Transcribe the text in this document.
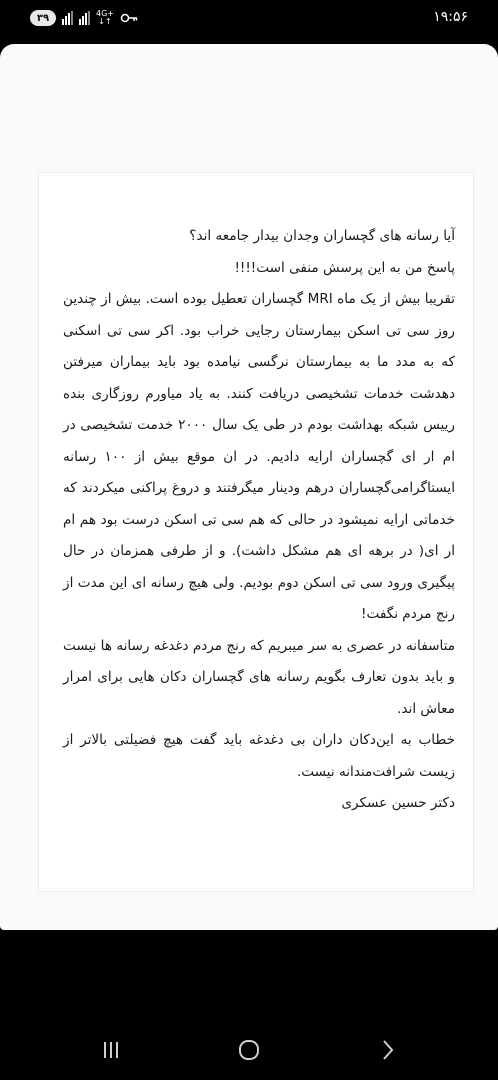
۳۹	4G+
↓↑	۱۹:۵۶

آیا رسانه های گچساران وجدان بیدار جامعه اند؟
پاسخ من به این پرسش منفی است!!!!
تقریبا بیش از یک ماه MRI گچساران تعطیل بوده است. بیش از چندین روز سی تی اسکن بیمارستان رجایی خراب بود. اکر سی تی اسکنی که به مدد ما به بیمارستان نرگسی نیامده بود باید بیماران میرفتن دهدشت خدمات تشخیصی دریافت کنند. به یاد میاورم روزگاری بنده رییس شبکه بهداشت بودم در طی یک سال ۲۰۰۰ خدمت تشخیصی در ام ار ای گچساران ارایه دادیم. در ان موقع بیش از ۱۰۰ رسانه ایستاگرامی‌گچساران درهم ودینار میگرفتند و دروغ پراکنی میکردند که خدماتی ارایه نمیشود در حالی که هم سی تی اسکن درست بود هم ام ار ای( در برهه ای هم مشکل داشت). و از طرفی همزمان در حال پیگیری ورود سی تی اسکن دوم بودیم. ولی هیچ رسانه ای این مدت از رنج مردم نگفت!
متاسفانه در عصری به سر میبریم که رنج مردم دغدغه رسانه ها نیست و باید بدون تعارف بگویم رسانه های گچساران دکان هایی برای امرار معاش اند.
خطاب به این‌دکان داران بی دغدغه باید گفت هیچ فضیلتی بالاتر از زیست شرافت‌مندانه نیست.
دکتر حسین عسکری
